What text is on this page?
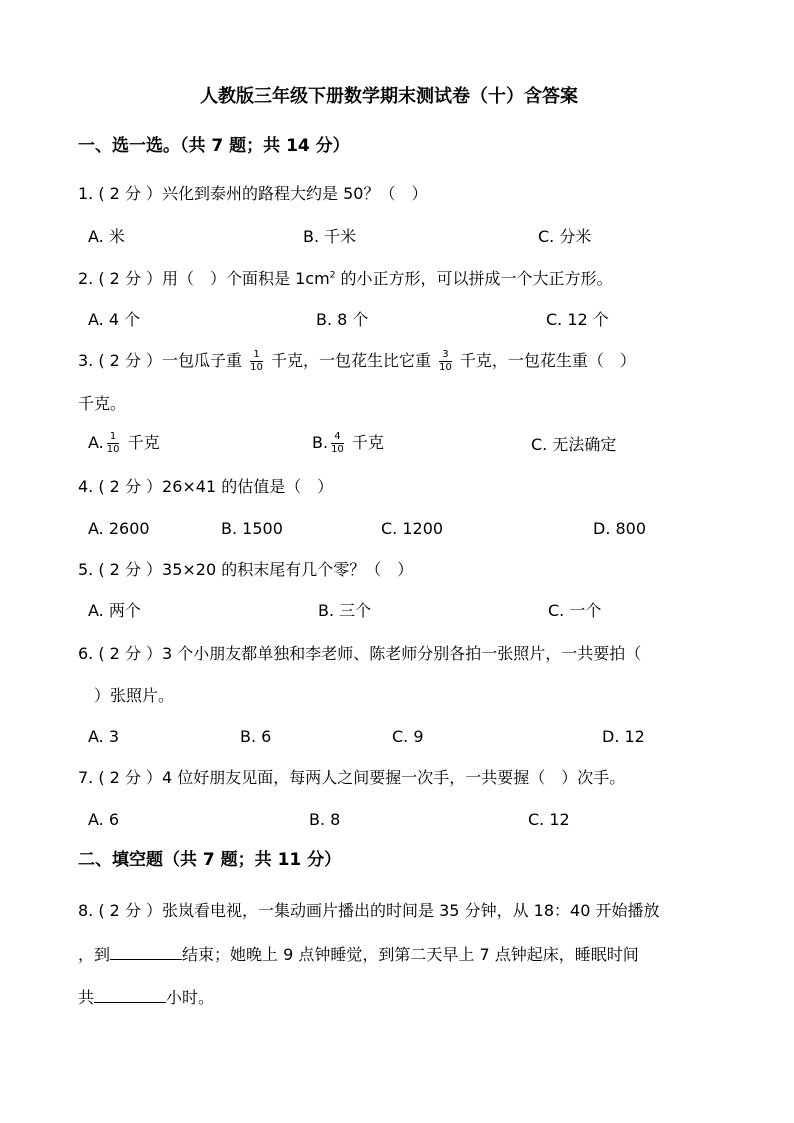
人教版三年级下册数学期末测试卷（十）含答案
一、选一选。（共 7 题；共 14 分）
1. ( 2 分 ）兴化到泰州的路程大约是 50？（　）
A. 米	B. 千米	C. 分米
2. ( 2 分 ）用（　）个面积是 $1cm^2$ 的小正方形，可以拼成一个大正方形。
A. 4 个	B. 8 个	C. 12 个
3. ( 2 分 ）一包瓜子重 $\frac{1}{10}$ 千克，一包花生比它重 $\frac{3}{10}$ 千克，一包花生重（　）
千克。
A. $\frac{1}{10}$ 千克	B. $\frac{4}{10}$ 千克	C. 无法确定
4. ( 2 分 ）26×41 的估值是（　）
A. 2600	B. 1500	C. 1200	D. 800
5. ( 2 分 ）35×20 的积末尾有几个零？（　）
A. 两个	B. 三个	C. 一个
6. ( 2 分 ）3 个小朋友都单独和李老师、陈老师分别各拍一张照片，一共要拍（
）张照片。
A. 3	B. 6	C. 9	D. 12
7. ( 2 分 ）4 位好朋友见面，每两人之间要握一次手，一共要握（　）次手。
A. 6	B. 8	C. 12
二、填空题（共 7 题；共 11 分）
8. ( 2 分 ）张岚看电视，一集动画片播出的时间是 35 分钟，从 18：40 开始播放
，到	结束；她晚上 9 点钟睡觉，到第二天早上 7 点钟起床，睡眠时间
共	小时。
